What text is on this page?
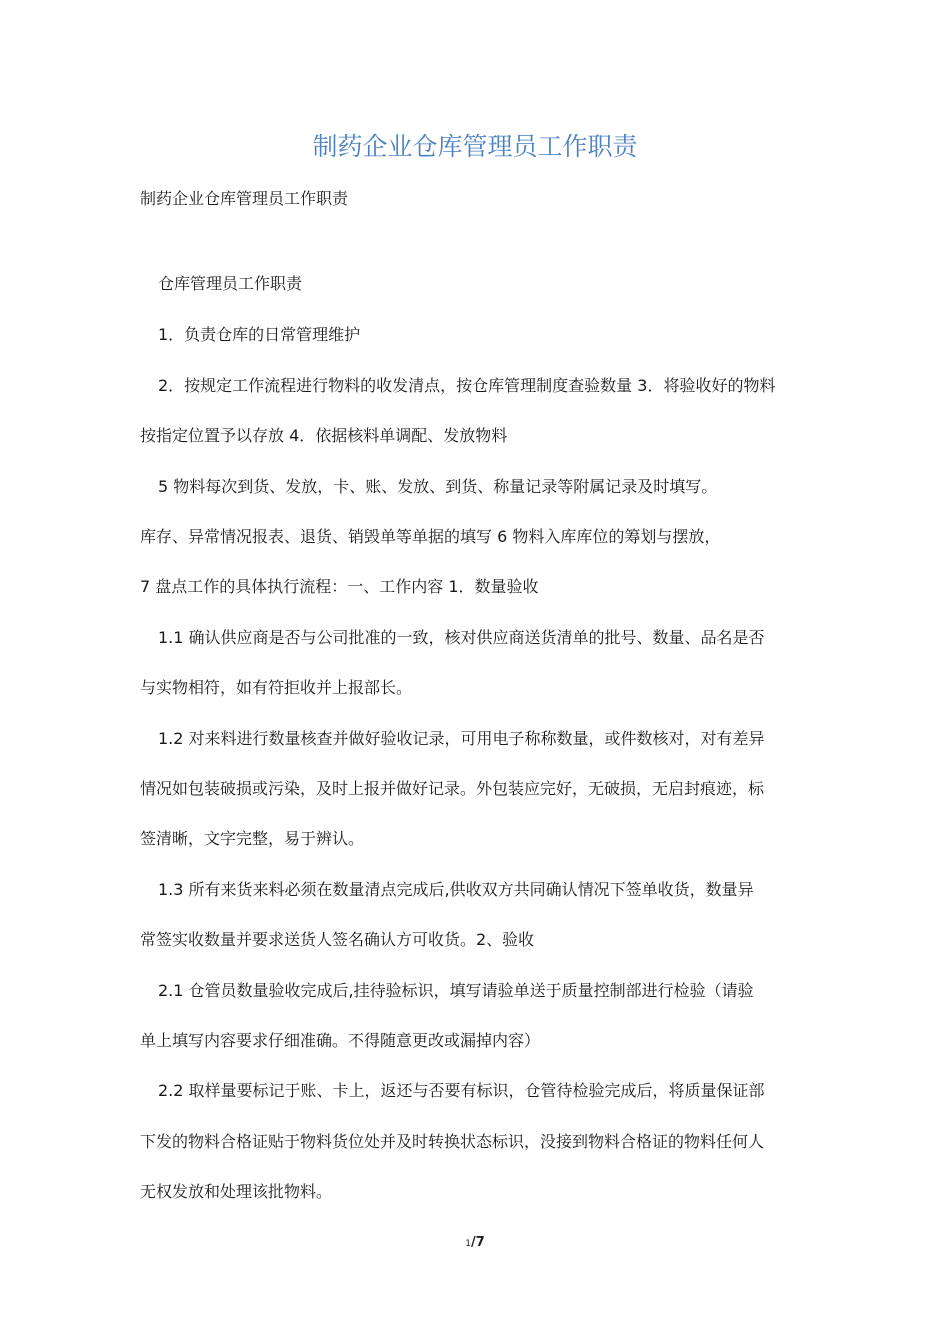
制药企业仓库管理员工作职责
制药企业仓库管理员工作职责
仓库管理员工作职责
1．负责仓库的日常管理维护
2．按规定工作流程进行物料的收发清点，按仓库管理制度查验数量 3．将验收好的物料
按指定位置予以存放 4．依据核料单调配、发放物料
5 物料每次到货、发放，卡、账、发放、到货、称量记录等附属记录及时填写。
库存、异常情况报表、退货、销毁单等单据的填写 6 物料入库库位的筹划与摆放，
7 盘点工作的具体执行流程：一、工作内容 1．数量验收
1.1 确认供应商是否与公司批准的一致，核对供应商送货清单的批号、数量、品名是否
与实物相符，如有符拒收并上报部长。
1.2 对来料进行数量核查并做好验收记录，可用电子称称数量，或件数核对，对有差异
情况如包装破损或污染，及时上报并做好记录。外包装应完好，无破损，无启封痕迹，标
签清晰，文字完整，易于辨认。
1.3 所有来货来料必须在数量清点完成后,供收双方共同确认情况下签单收货，数量异
常签实收数量并要求送货人签名确认方可收货。2、验收
2.1 仓管员数量验收完成后,挂待验标识，填写请验单送于质量控制部进行检验（请验
单上填写内容要求仔细准确。不得随意更改或漏掉内容）
2.2 取样量要标记于账、卡上，返还与否要有标识，仓管待检验完成后，将质量保证部
下发的物料合格证贴于物料货位处并及时转换状态标识，没接到物料合格证的物料任何人
无权发放和处理该批物料。
1/7
